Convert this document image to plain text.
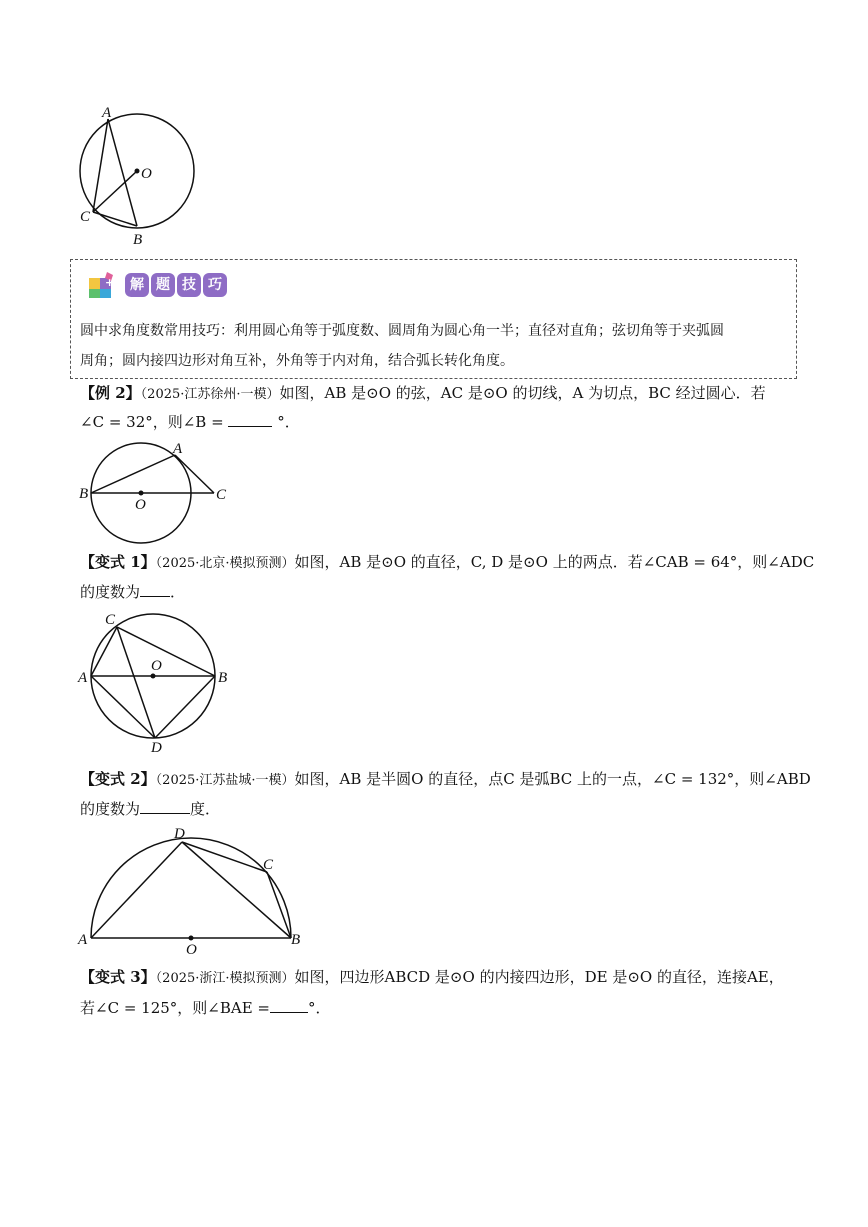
A
O
C
B
+	解 题 技 巧
圆中求角度数常用技巧：利用圆心角等于弧度数、圆周角为圆心角一半；直径对直角；弦切角等于夹弧圆
周角；圆内接四边形对角互补，外角等于内对角，结合弧长转化角度。
【例 2】（2025·江苏徐州·一模）如图，AB 是⊙O 的弦，AC 是⊙O 的切线，A 为切点，BC 经过圆心．若
∠C = 32°，则∠B =	°．
A
B
O
C
【变式 1】（2025·北京·模拟预测）如图，AB 是⊙O 的直径，C, D 是⊙O 上的两点．若∠CAB = 64°，则∠ADC
的度数为 ．
C
O
A	B
D
【变式 2】（2025·江苏盐城·一模）如图，AB 是半圆O 的直径，点C 是弧BC 上的一点，∠C = 132°，则∠ABD
的度数为	度．
D
C
A
O
B
【变式 3】（2025·浙江·模拟预测）如图，四边形ABCD 是⊙O 的内接四边形，DE 是⊙O 的直径，连接AE，
若∠C = 125°，则∠BAE =	°．
